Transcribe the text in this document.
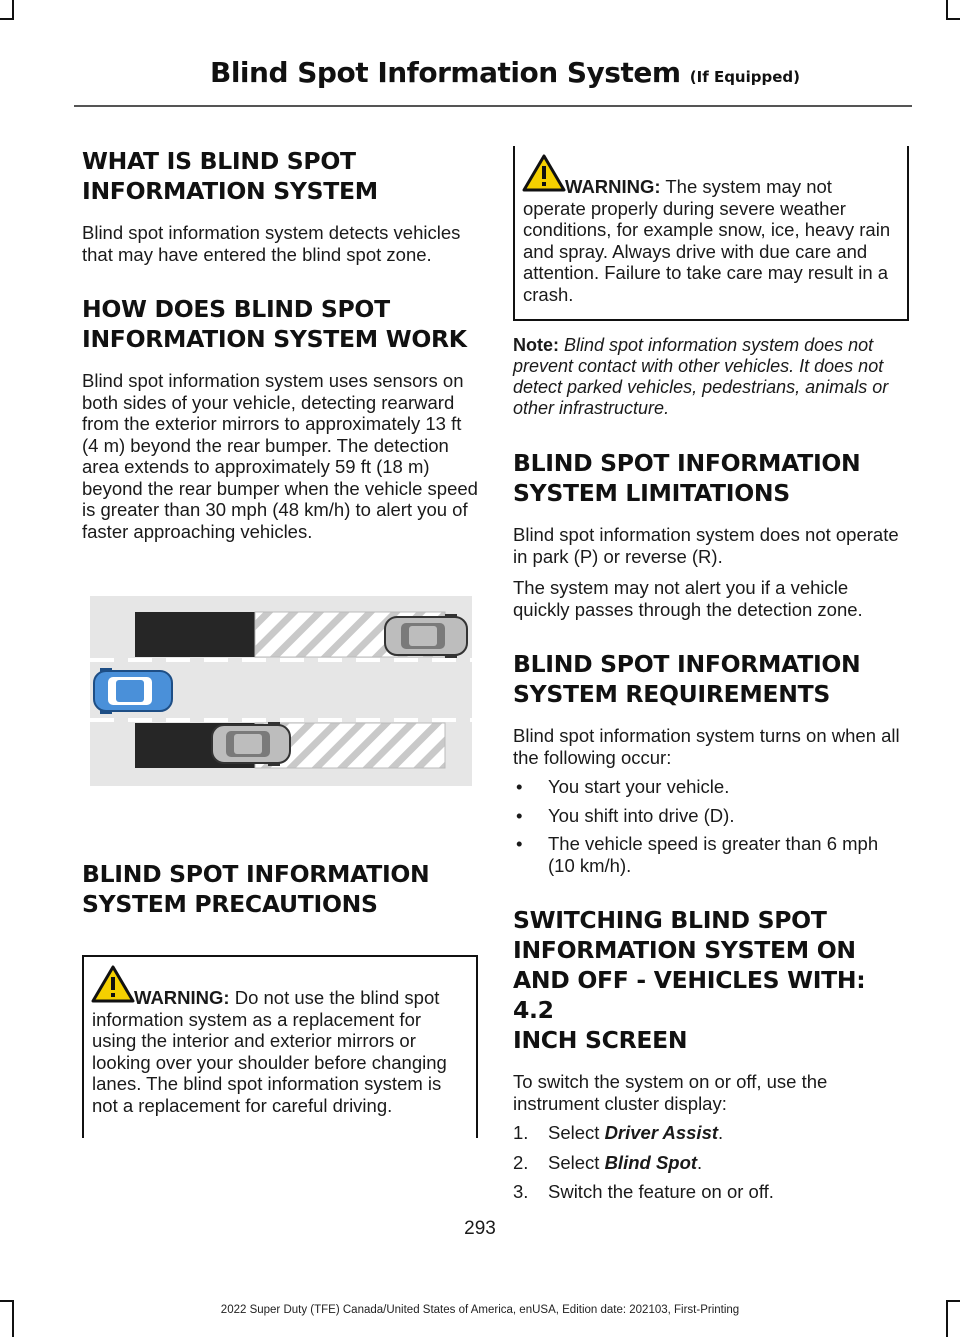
Blind Spot Information System (If Equipped)
WHAT IS BLIND SPOT
INFORMATION SYSTEM

Blind spot information system detects vehicles that may have entered the blind spot zone.

HOW DOES BLIND SPOT
INFORMATION SYSTEM WORK

Blind spot information system uses sensors on both sides of your vehicle, detecting rearward from the exterior mirrors to approximately 13 ft (4 m) beyond the rear bumper. The detection area extends to approximately 59 ft (18 m) beyond the rear bumper when the vehicle speed is greater than 30 mph (48 km/h) to alert you of faster approaching vehicles.

BLIND SPOT INFORMATION
SYSTEM PRECAUTIONS

WARNING: Do not use the blind spot information system as a replacement for using the interior and exterior mirrors or looking over your shoulder before changing lanes. The blind spot information system is not a replacement for careful driving.

WARNING: The system may not operate properly during severe weather conditions, for example snow, ice, heavy rain and spray. Always drive with due care and attention. Failure to take care may result in a crash.

Note: Blind spot information system does not prevent contact with other vehicles. It does not detect parked vehicles, pedestrians, animals or other infrastructure.

BLIND SPOT INFORMATION
SYSTEM LIMITATIONS

Blind spot information system does not operate in park (P) or reverse (R).

The system may not alert you if a vehicle quickly passes through the detection zone.

BLIND SPOT INFORMATION
SYSTEM REQUIREMENTS

Blind spot information system turns on when all the following occur:

• You start your vehicle.
• You shift into drive (D).
• The vehicle speed is greater than 6 mph (10 km/h).
SWITCHING BLIND SPOT
INFORMATION SYSTEM ON
AND OFF - VEHICLES WITH: 4.2
INCH SCREEN

To switch the system on or off, use the instrument cluster display:

1. Select Driver Assist.
2. Select Blind Spot.
3. Switch the feature on or off.
293
2022 Super Duty (TFE) Canada/United States of America, enUSA, Edition date: 202103, First-Printing
